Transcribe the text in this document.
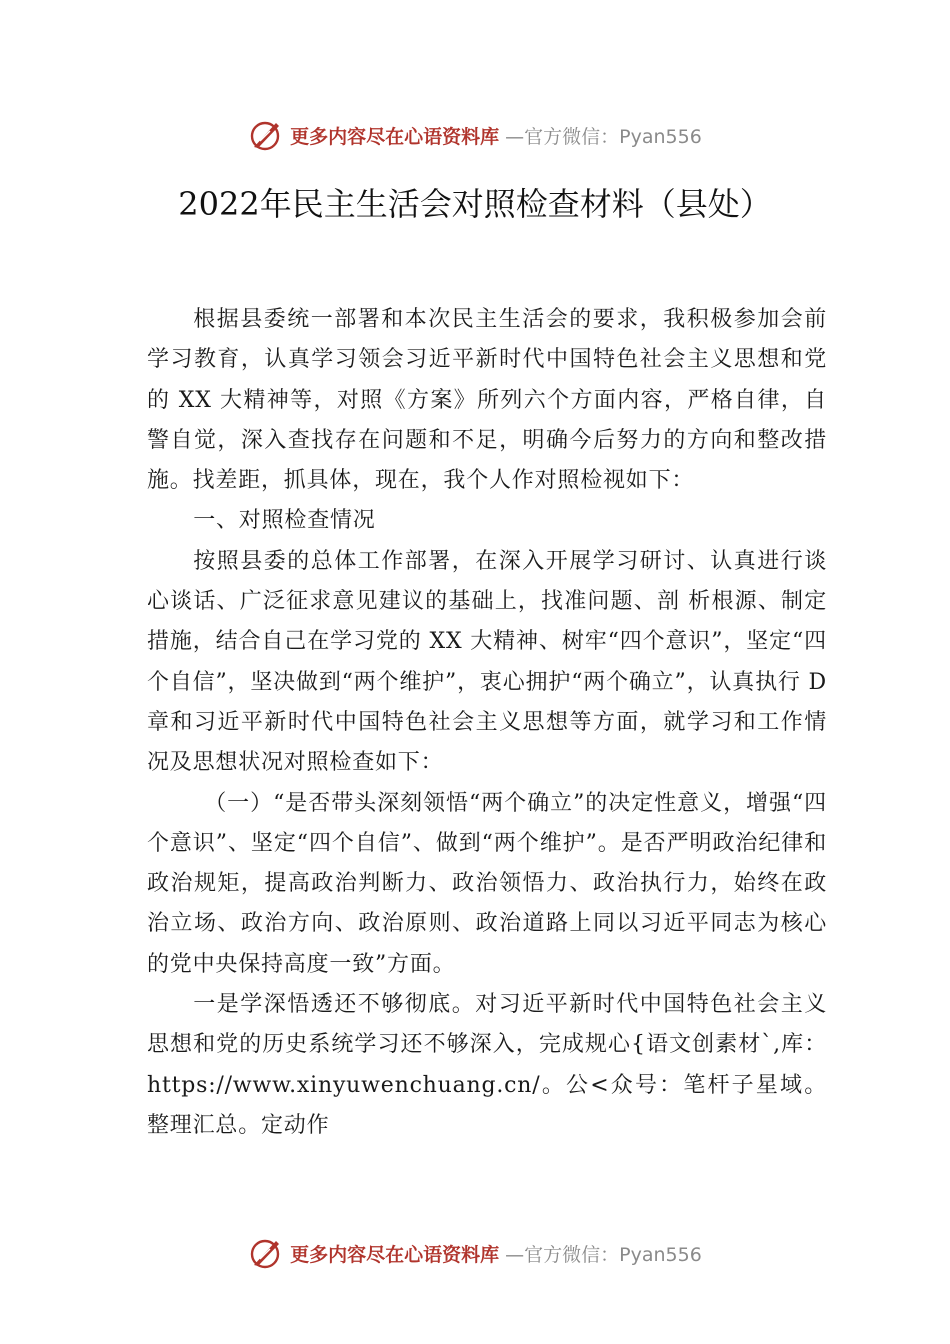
更多内容尽在心语资料库 —官方微信：Pyan556
2022年民主生活会对照检查材料（县处）

根据县委统一部署和本次民主生活会的要求，我积极参加会前学习教育，认真学习领会习近平新时代中国特色社会主义思想和党的 XX 大精神等，对照《方案》所列六个方面内容，严格自律，自警自觉，深入查找存在问题和不足，明确今后努力的方向和整改措施。找差距，抓具体，现在，我个人作对照检视如下：

一、对照检查情况

按照县委的总体工作部署，在深入开展学习研讨、认真进行谈心谈话、广泛征求意见建议的基础上，找准问题、剖 析根源、制定措施，结合自己在学习党的 XX 大精神、树牢“四个意识”，坚定“四个自信”，坚决做到“两个维护”，衷心拥护“两个确立”，认真执行 D 章和习近平新时代中国特色社会主义思想等方面，就学习和工作情况及思想状况对照检查如下：

（一）“是否带头深刻领悟“两个确立”的决定性意义，增强“四个意识”、坚定“四个自信”、做到“两个维护”。是否严明政治纪律和政治规矩，提高政治判断力、政治领悟力、政治执行力，始终在政治立场、政治方向、政治原则、政治道路上同以习近平同志为核心的党中央保持高度一致”方面。

一是学深悟透还不够彻底。对习近平新时代中国特色社会主义思想和党的历史系统学习还不够深入，完成规心{语文创素材`,库：https://www.xinyuwenchuang.cn/。公<众号：笔杆子星域。整理汇总。定动作

更多内容尽在心语资料库 —官方微信：Pyan556
